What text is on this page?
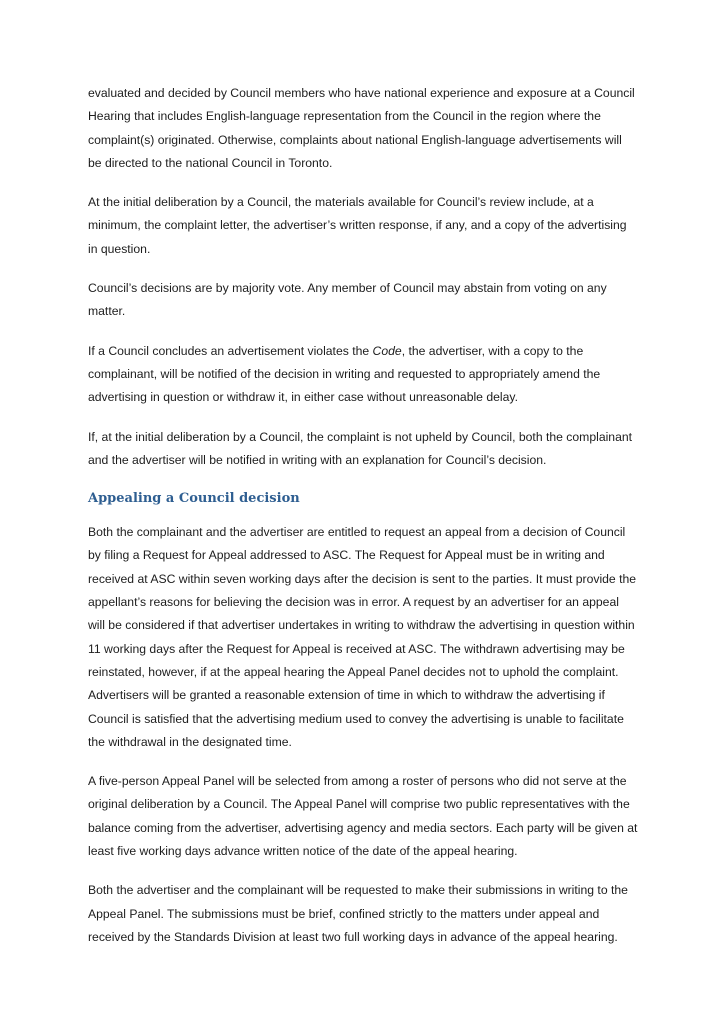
evaluated and decided by Council members who have national experience and exposure at a Council
Hearing that includes English-language representation from the Council in the region where the
complaint(s) originated. Otherwise, complaints about national English-language advertisements will
be directed to the national Council in Toronto.

At the initial deliberation by a Council, the materials available for Council’s review include, at a
minimum, the complaint letter, the advertiser’s written response, if any, and a copy of the advertising
in question.

Council’s decisions are by majority vote. Any member of Council may abstain from voting on any
matter.

If a Council concludes an advertisement violates the Code, the advertiser, with a copy to the
complainant, will be notified of the decision in writing and requested to appropriately amend the
advertising in question or withdraw it, in either case without unreasonable delay.

If, at the initial deliberation by a Council, the complaint is not upheld by Council, both the complainant
and the advertiser will be notified in writing with an explanation for Council’s decision.

Appealing a Council decision

Both the complainant and the advertiser are entitled to request an appeal from a decision of Council
by filing a Request for Appeal addressed to ASC. The Request for Appeal must be in writing and
received at ASC within seven working days after the decision is sent to the parties. It must provide the
appellant’s reasons for believing the decision was in error. A request by an advertiser for an appeal
will be considered if that advertiser undertakes in writing to withdraw the advertising in question within
11 working days after the Request for Appeal is received at ASC. The withdrawn advertising may be
reinstated, however, if at the appeal hearing the Appeal Panel decides not to uphold the complaint.
Advertisers will be granted a reasonable extension of time in which to withdraw the advertising if
Council is satisfied that the advertising medium used to convey the advertising is unable to facilitate
the withdrawal in the designated time.

A five-person Appeal Panel will be selected from among a roster of persons who did not serve at the
original deliberation by a Council. The Appeal Panel will comprise two public representatives with the
balance coming from the advertiser, advertising agency and media sectors. Each party will be given at
least five working days advance written notice of the date of the appeal hearing.

Both the advertiser and the complainant will be requested to make their submissions in writing to the
Appeal Panel. The submissions must be brief, confined strictly to the matters under appeal and
received by the Standards Division at least two full working days in advance of the appeal hearing.
